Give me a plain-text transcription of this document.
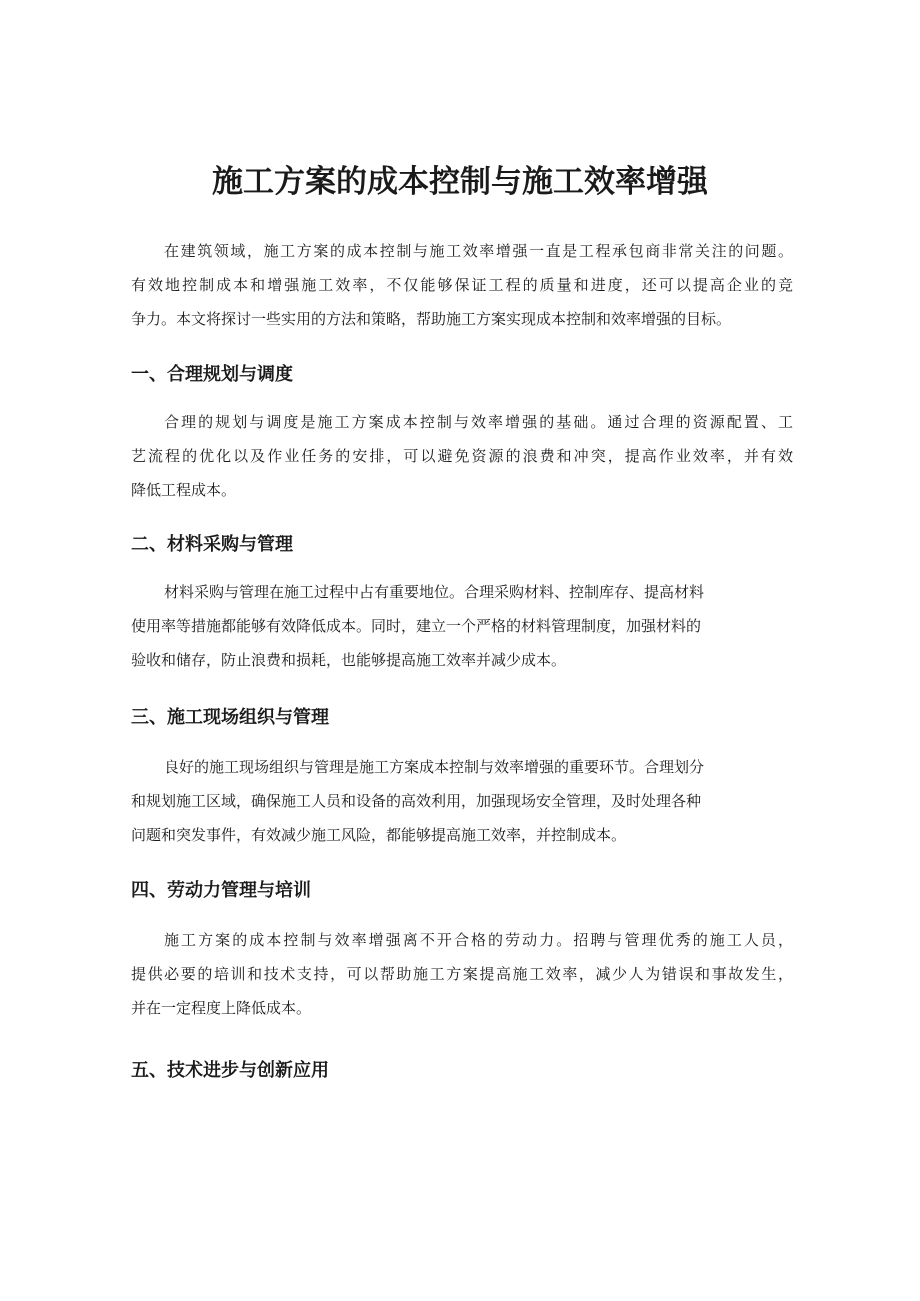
施工方案的成本控制与施工效率增强
在建筑领域，施工方案的成本控制与施工效率增强一直是工程承包商非常关注的问题。
有效地控制成本和增强施工效率，不仅能够保证工程的质量和进度，还可以提高企业的竞
争力。本文将探讨一些实用的方法和策略，帮助施工方案实现成本控制和效率增强的目标。
一、合理规划与调度
合理的规划与调度是施工方案成本控制与效率增强的基础。通过合理的资源配置、工
艺流程的优化以及作业任务的安排，可以避免资源的浪费和冲突，提高作业效率，并有效
降低工程成本。
二、材料采购与管理
材料采购与管理在施工过程中占有重要地位。合理采购材料、控制库存、提高材料
使用率等措施都能够有效降低成本。同时，建立一个严格的材料管理制度，加强材料的
验收和储存，防止浪费和损耗，也能够提高施工效率并减少成本。
三、施工现场组织与管理
良好的施工现场组织与管理是施工方案成本控制与效率增强的重要环节。合理划分
和规划施工区域，确保施工人员和设备的高效利用，加强现场安全管理，及时处理各种
问题和突发事件，有效减少施工风险，都能够提高施工效率，并控制成本。
四、劳动力管理与培训
施工方案的成本控制与效率增强离不开合格的劳动力。招聘与管理优秀的施工人员，
提供必要的培训和技术支持，可以帮助施工方案提高施工效率，减少人为错误和事故发生，
并在一定程度上降低成本。
五、技术进步与创新应用
